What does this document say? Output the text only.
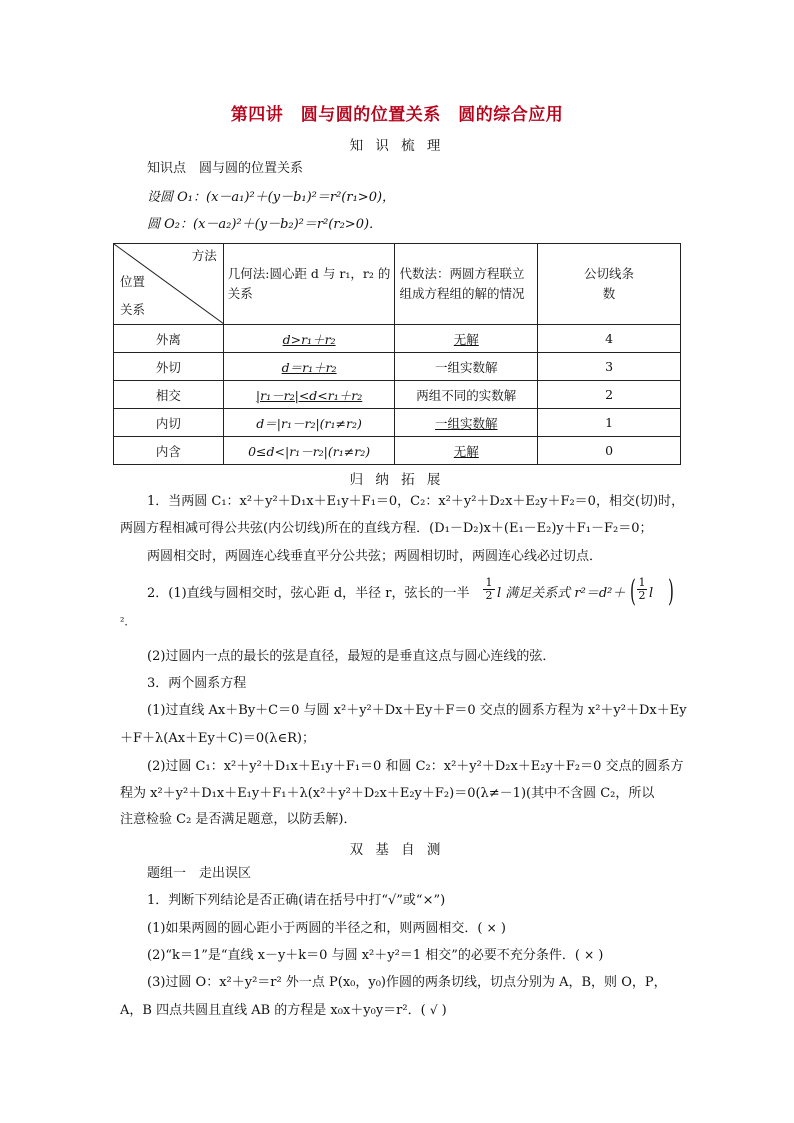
第四讲　圆与圆的位置关系　圆的综合应用
知 识 梳 理
知识点　圆与圆的位置关系
设圆 O₁：(x－a₁)²＋(y－b₁)²＝r²(r₁>0)，
圆 O₂：(x－a₂)²＋(y－b₂)²＝r²(r₂>0)．
方法
位置
关系	几何法:圆心距 d 与 r₁，r₂ 的关系	代数法：两圆方程联立组成方程组的解的情况	公切线条数
外离	d>r₁＋r₂	无解	4
外切	d＝r₁＋r₂	一组实数解	3
相交	|r₁－r₂|<d<r₁＋r₂	两组不同的实数解	2
内切	d＝|r₁－r₂|(r₁≠r₂)	一组实数解	1
内含	0≤d<|r₁－r₂|(r₁≠r₂)	无解	0
归 纳 拓 展
1．当两圆 C₁：x²＋y²＋D₁x＋E₁y＋F₁＝0，C₂：x²＋y²＋D₂x＋E₂y＋F₂＝0，相交(切)时，
两圆方程相减可得公共弦(内公切线)所在的直线方程．(D₁－D₂)x＋(E₁－E₂)y＋F₁－F₂＝0；
两圆相交时，两圆连心线垂直平分公共弦；两圆相切时，两圆连心线必过切点．
2．(1)直线与圆相交时，弦心距 d，半径 r，弦长的一半 $\frac{1}{2}$ l 满足关系式 r²＝d²＋ ( $\frac{1}{2}$ l )
²．
(2)过圆内一点的最长的弦是直径，最短的是垂直这点与圆心连线的弦．
3．两个圆系方程
(1)过直线 Ax＋By＋C＝0 与圆 x²＋y²＋Dx＋Ey＋F＝0 交点的圆系方程为 x²＋y²＋Dx＋Ey
＋F＋λ(Ax＋Ey＋C)＝0(λ∈R)；
(2)过圆 C₁：x²＋y²＋D₁x＋E₁y＋F₁＝0 和圆 C₂：x²＋y²＋D₂x＋E₂y＋F₂＝0 交点的圆系方
程为 x²＋y²＋D₁x＋E₁y＋F₁＋λ(x²＋y²＋D₂x＋E₂y＋F₂)＝0(λ≠－1)(其中不含圆 C₂，所以
注意检验 C₂ 是否满足题意，以防丢解)．
双 基 自 测
题组一　走出误区
1．判断下列结论是否正确(请在括号中打“√”或“×”)
(1)如果两圆的圆心距小于两圆的半径之和，则两圆相交．( × )
(2)“k＝1”是“直线 x－y＋k＝0 与圆 x²＋y²＝1 相交”的必要不充分条件．( × )
(3)过圆 O：x²＋y²＝r² 外一点 P(x₀，y₀)作圆的两条切线，切点分别为 A，B，则 O，P，
A，B 四点共圆且直线 AB 的方程是 x₀x＋y₀y＝r²．( √ )
